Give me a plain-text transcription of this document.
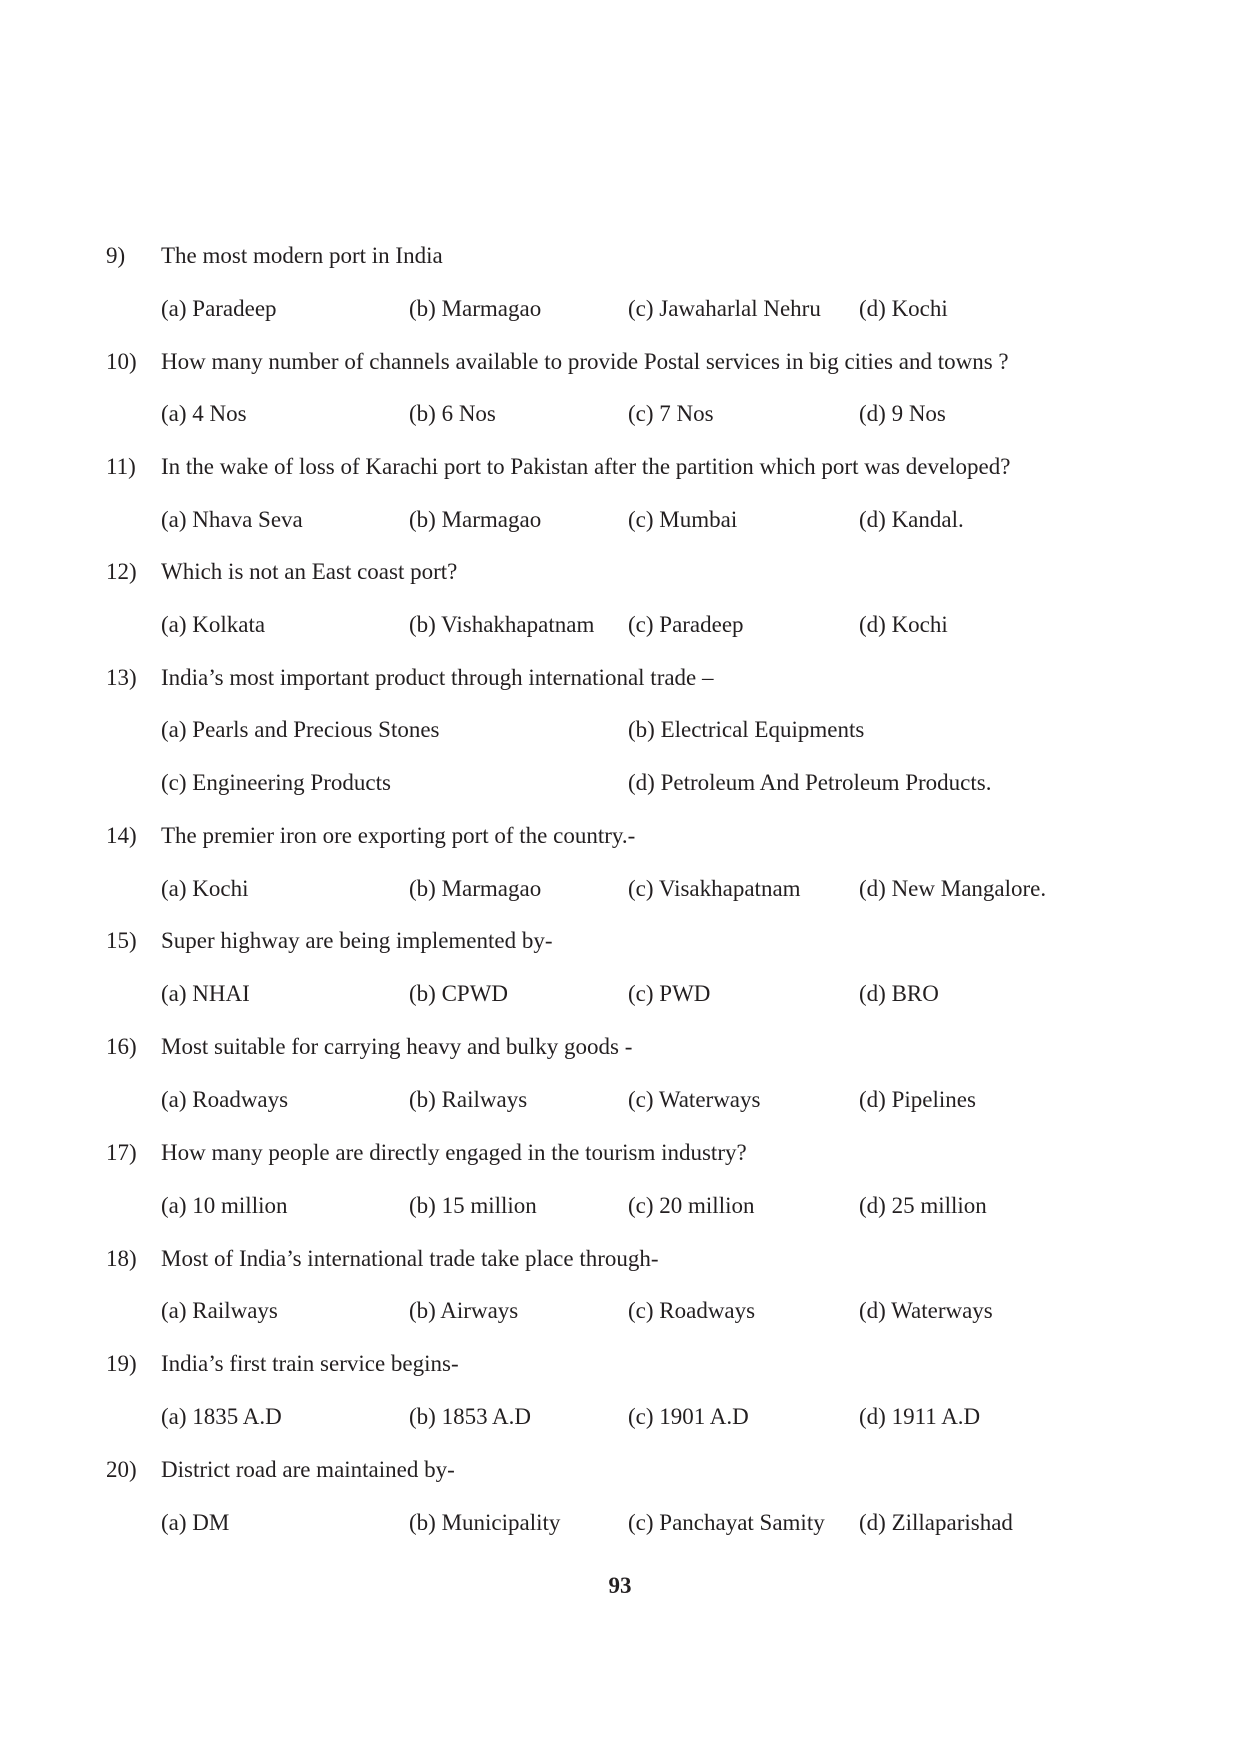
9) The most modern port in India
(a) Paradeep	(b) Marmagao	(c) Jawaharlal Nehru (d) Kochi
10) How many number of channels available to provide Postal services in big cities and towns ?
(a) 4 Nos	(b) 6 Nos	(c) 7 Nos	(d) 9 Nos
11) In the wake of loss of Karachi port to Pakistan after the partition which port was developed?
(a) Nhava Seva	(b) Marmagao	(c) Mumbai	(d) Kandal.
12) Which is not an East coast port?
(a) Kolkata	(b) Vishakhapatnam (c) Paradeep	(d) Kochi
13) India’s most important product through international trade –
(a) Pearls and Precious Stones	(b) Electrical Equipments
(c) Engineering Products	(d) Petroleum And Petroleum Products.
14) The premier iron ore exporting port of the country.-
(a) Kochi	(b) Marmagao	(c) Visakhapatnam	(d) New Mangalore.
15) Super highway are being implemented by-
(a) NHAI	(b) CPWD	(c) PWD	(d) BRO
16) Most suitable for carrying heavy and bulky goods -
(a) Roadways	(b) Railways	(c) Waterways	(d) Pipelines
17) How many people are directly engaged in the tourism industry?
(a) 10 million	(b) 15 million	(c) 20 million	(d) 25 million
18) Most of India’s international trade take place through-
(a) Railways	(b) Airways	(c) Roadways	(d) Waterways
19) India’s first train service begins-
(a) 1835 A.D	(b) 1853 A.D	(c) 1901 A.D	(d) 1911 A.D
20) District road are maintained by-
(a) DM	(b) Municipality	(c) Panchayat Samity (d) Zillaparishad
93
